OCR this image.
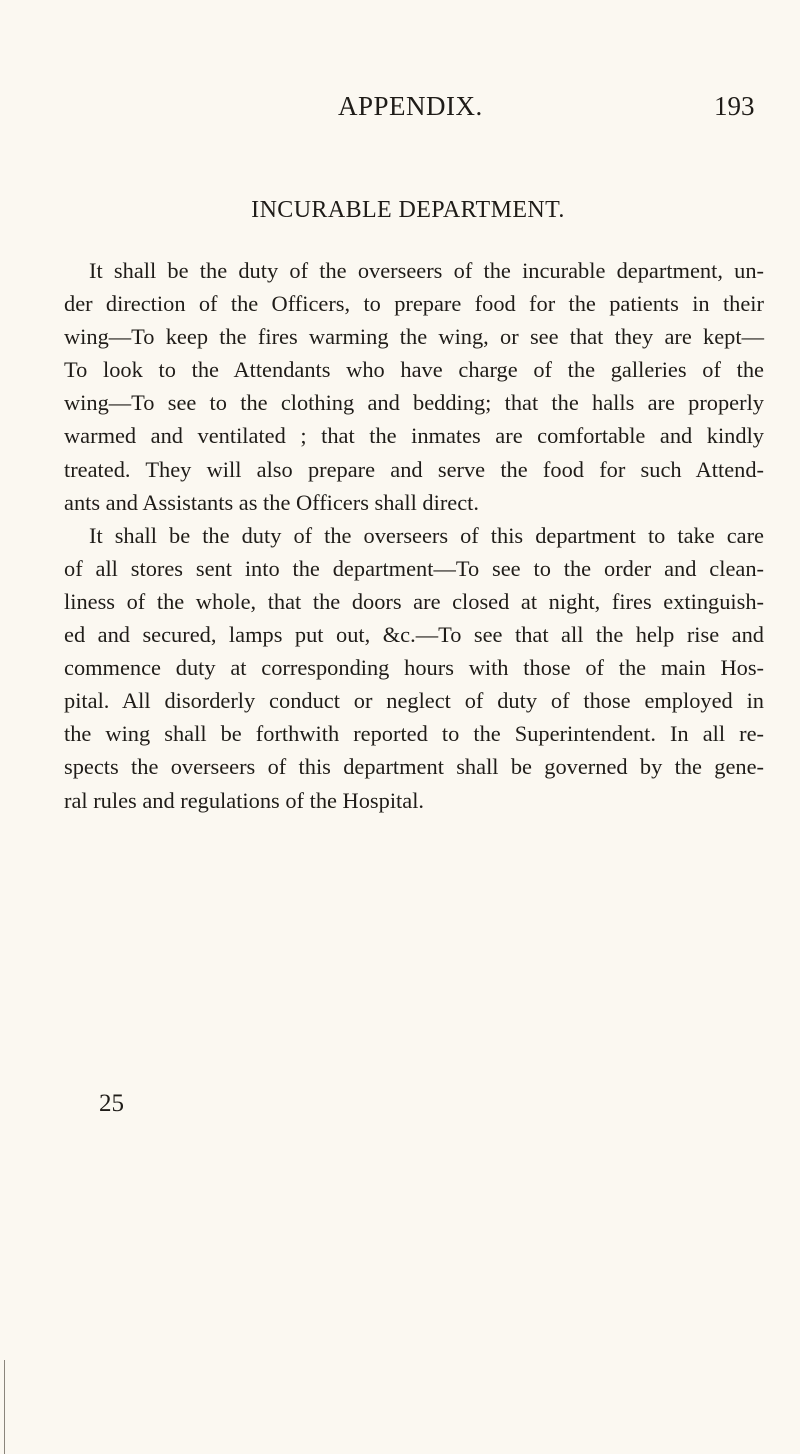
APPENDIX.	193
INCURABLE DEPARTMENT.
It shall be the duty of the overseers of the incurable department, un-
der direction of the Officers, to prepare food for the patients in their
wing—To keep the fires warming the wing, or see that they are kept—
To look to the Attendants who have charge of the galleries of the
wing—To see to the clothing and bedding; that the halls are properly
warmed and ventilated ; that the inmates are comfortable and kindly
treated. They will also prepare and serve the food for such Attend-
ants and Assistants as the Officers shall direct.
It shall be the duty of the overseers of this department to take care
of all stores sent into the department—To see to the order and clean-
liness of the whole, that the doors are closed at night, fires extinguish-
ed and secured, lamps put out, &c.—To see that all the help rise and
commence duty at corresponding hours with those of the main Hos-
pital. All disorderly conduct or neglect of duty of those employed in
the wing shall be forthwith reported to the Superintendent. In all re-
spects the overseers of this department shall be governed by the gene-
ral rules and regulations of the Hospital.
25
